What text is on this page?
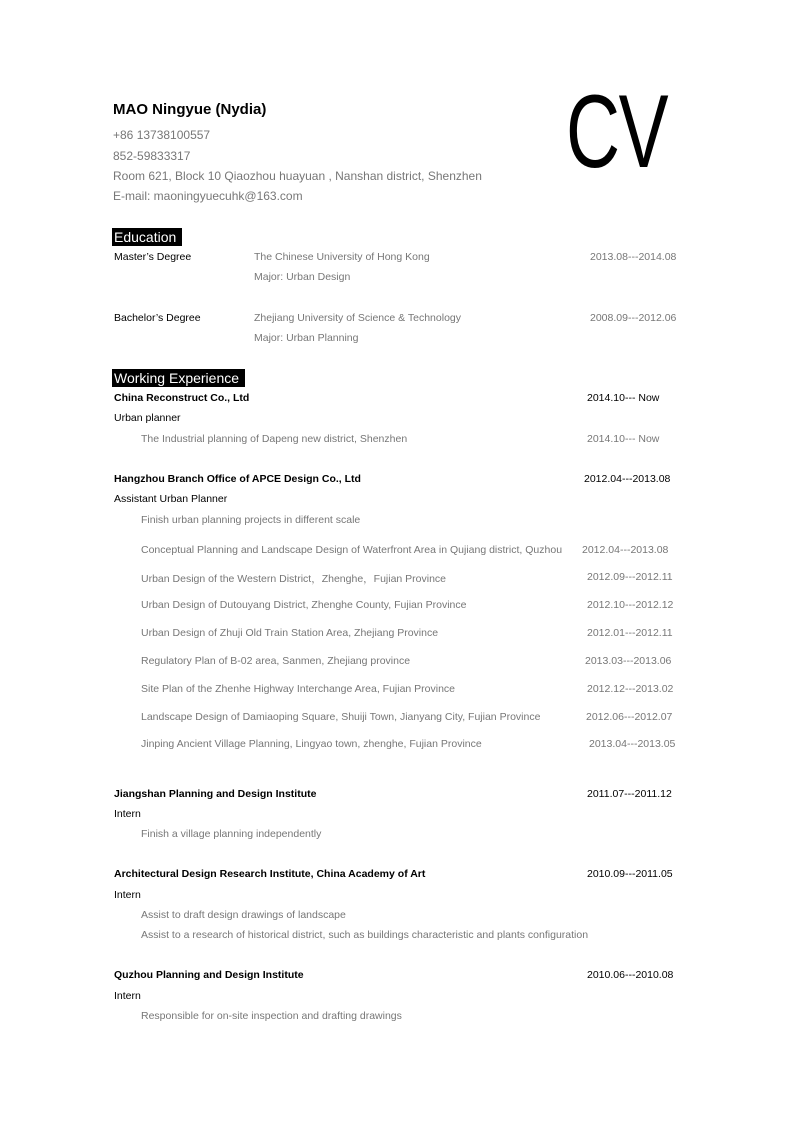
MAO Ningyue (Nydia)
+86 13738100557
852-59833317
Room 621, Block 10 Qiaozhou huayuan , Nanshan district, Shenzhen
E-mail: maoningyuecuhk@163.com
CV
Education
Master’s Degree	The Chinese University of Hong Kong	2013.08---2014.08
Major: Urban Design
Bachelor’s Degree	Zhejiang University of Science & Technology	2008.09---2012.06
Major: Urban Planning
Working Experience
China Reconstruct Co., Ltd	2014.10--- Now
Urban planner
The Industrial planning of Dapeng new district, Shenzhen	2014.10--- Now
Hangzhou Branch Office of APCE Design Co., Ltd	2012.04---2013.08
Assistant Urban Planner
Finish urban planning projects in different scale
Conceptual Planning and Landscape Design of Waterfront Area in Qujiang district, Quzhou 2012.04---2013.08
Urban Design of the Western District，Zhenghe，Fujian Province	2012.09---2012.11
Urban Design of Dutouyang District, Zhenghe County, Fujian Province	2012.10---2012.12
Urban Design of Zhuji Old Train Station Area, Zhejiang Province	2012.01---2012.11
Regulatory Plan of B-02 area, Sanmen, Zhejiang province	2013.03---2013.06
Site Plan of the Zhenhe Highway Interchange Area, Fujian Province	2012.12---2013.02
Landscape Design of Damiaoping Square, Shuiji Town, Jianyang City, Fujian Province	2012.06---2012.07
Jinping Ancient Village Planning, Lingyao town, zhenghe, Fujian Province	2013.04---2013.05
Jiangshan Planning and Design Institute	2011.07---2011.12
Intern
Finish a village planning independently
Architectural Design Research Institute, China Academy of Art	2010.09---2011.05
Intern
Assist to draft design drawings of landscape
Assist to a research of historical district, such as buildings characteristic and plants configuration
Quzhou Planning and Design Institute	2010.06---2010.08
Intern
Responsible for on-site inspection and drafting drawings
